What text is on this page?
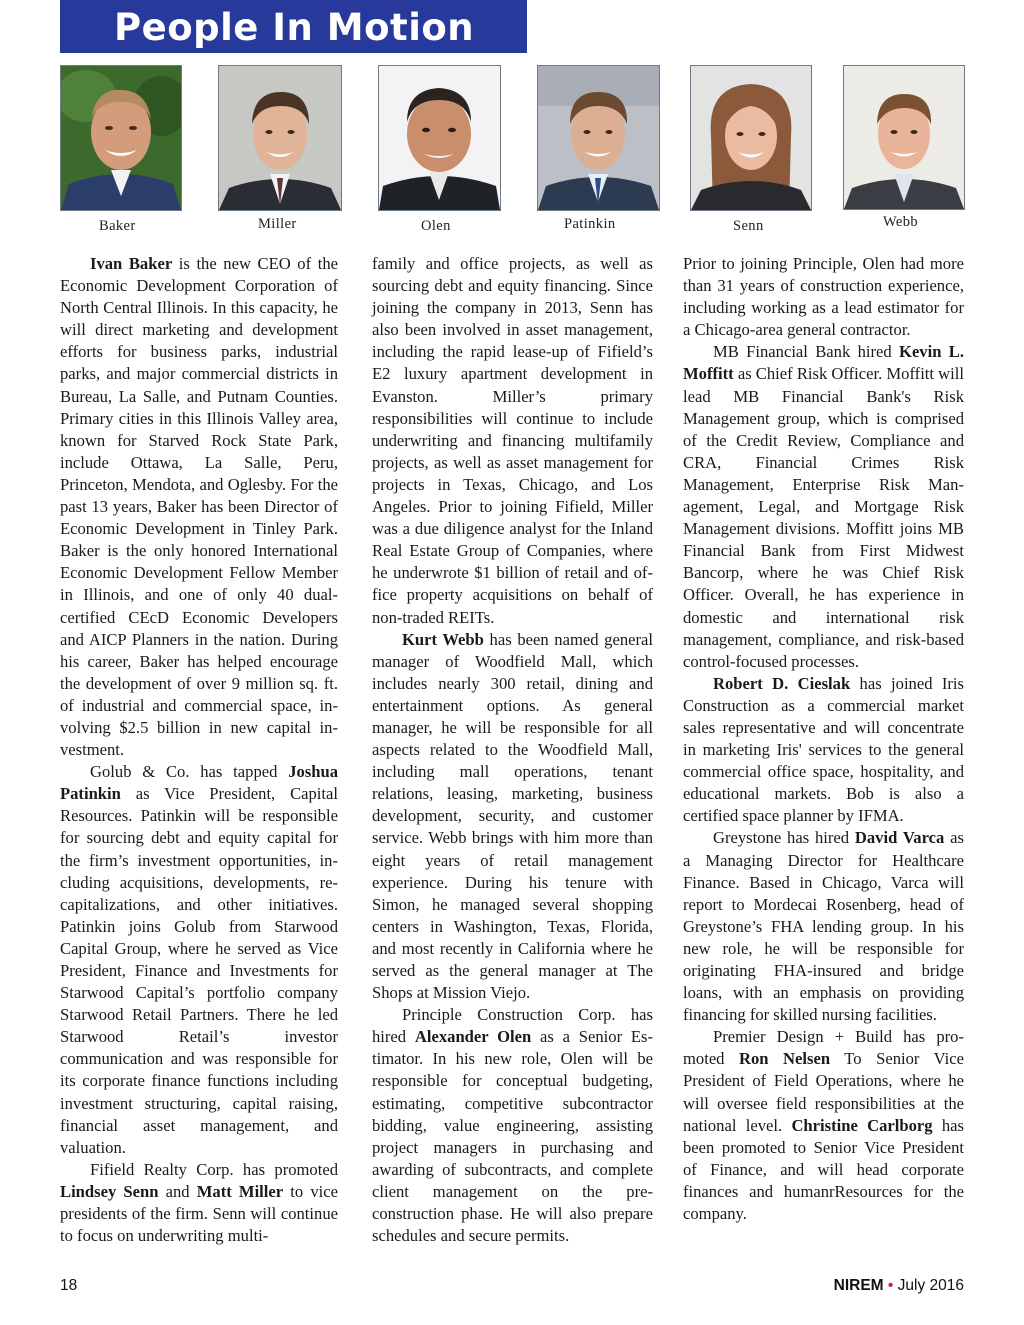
People In Motion
Baker	Miller	Olen	Patinkin	Senn	Webb

Ivan Baker is the new CEO of the Economic Development Corporation of North Central Illinois. In this capacity, he will direct marketing and development efforts for business parks, industrial parks, and major commercial districts in Bureau, La Salle, and Putnam Counties. Primary cities in this Illinois Valley area, known for Starved Rock State Park, include Ottawa, La Salle, Peru, Princeton, Mendota, and Oglesby. For the past 13 years, Baker has been Director of Economic Development in Tinley Park. Baker is the only honored International Economic Development Fellow Member in Illinois, and one of only 40 dual-certified CEcD Economic Developers and AICP Planners in the nation. During his career, Baker has helped encourage the development of over 9 million sq. ft. of industrial and commercial space, involving $2.5 billion in new capital investment.

Golub & Co. has tapped Joshua Patinkin as Vice President, Capital Resources. Patinkin will be responsible for sourcing debt and equity capital for the firm’s investment opportunities, including acquisitions, developments, recapitalizations, and other initiatives. Patinkin joins Golub from Starwood Capital Group, where he served as Vice President, Finance and Investments for Starwood Capital’s portfolio company Starwood Retail Partners. There he led Starwood Retail’s investor communication and was responsible for its corporate finance functions including investment structuring, capital raising, financial asset management, and valuation.

Fifield Realty Corp. has promoted Lindsey Senn and Matt Miller to vice presidents of the firm. Senn will continue to focus on underwriting multi-

family and office projects, as well as sourcing debt and equity financing. Since joining the company in 2013, Senn has also been involved in asset management, including the rapid lease-up of Fifield’s E2 luxury apartment development in Evanston. Miller’s primary responsibilities will continue to include underwriting and financing multifamily projects, as well as asset management for projects in Texas, Chicago, and Los Angeles. Prior to joining Fifield, Miller was a due diligence analyst for the Inland Real Estate Group of Companies, where he underwrote $1 billion of retail and office property acquisitions on behalf of non-traded REITs.

Kurt Webb has been named general manager of Woodfield Mall, which includes nearly 300 retail, dining and entertainment options. As general manager, he will be responsible for all aspects related to the Woodfield Mall, including mall operations, tenant relations, leasing, marketing, business development, security, and customer service. Webb brings with him more than eight years of retail management experience. During his tenure with Simon, he managed several shopping centers in Washington, Texas, Florida, and most recently in California where he served as the general manager at The Shops at Mission Viejo.

Principle Construction Corp. has hired Alexander Olen as a Senior Estimator. In his new role, Olen will be responsible for conceptual budgeting, estimating, competitive subcontractor bidding, value engineering, assisting project managers in purchasing and awarding of subcontracts, and complete client management on the pre-construction phase. He will also prepare schedules and secure permits.

Prior to joining Principle, Olen had more than 31 years of construction experience, including working as a lead estimator for a Chicago-area general contractor.

MB Financial Bank hired Kevin L. Moffitt as Chief Risk Officer. Moffitt will lead MB Financial Bank's Risk Management group, which is comprised of the Credit Review, Compliance and CRA, Financial Crimes Risk Management, Enterprise Risk Management, Legal, and Mortgage Risk Management divisions. Moffitt joins MB Financial Bank from First Midwest Bancorp, where he was Chief Risk Officer. Overall, he has experience in domestic and international risk management, compliance, and risk-based control-focused processes.

Robert D. Cieslak has joined Iris Construction as a commercial market sales representative and will concentrate in marketing Iris' services to the general commercial office space, hospitality, and educational markets. Bob is also a certified space planner by IFMA.

Greystone has hired David Varca as a Managing Director for Healthcare Finance. Based in Chicago, Varca will report to Mordecai Rosenberg, head of Greystone’s FHA lending group. In his new role, he will be responsible for originating FHA-insured and bridge loans, with an emphasis on providing financing for skilled nursing facilities.

Premier Design + Build has promoted Ron Nelsen To Senior Vice President of Field Operations, where he will oversee field responsibilities at the national level. Christine Carlborg has been promoted to Senior Vice President of Finance, and will head corporate finances and humanrResources for the company.

18	NIREM • July 2016
